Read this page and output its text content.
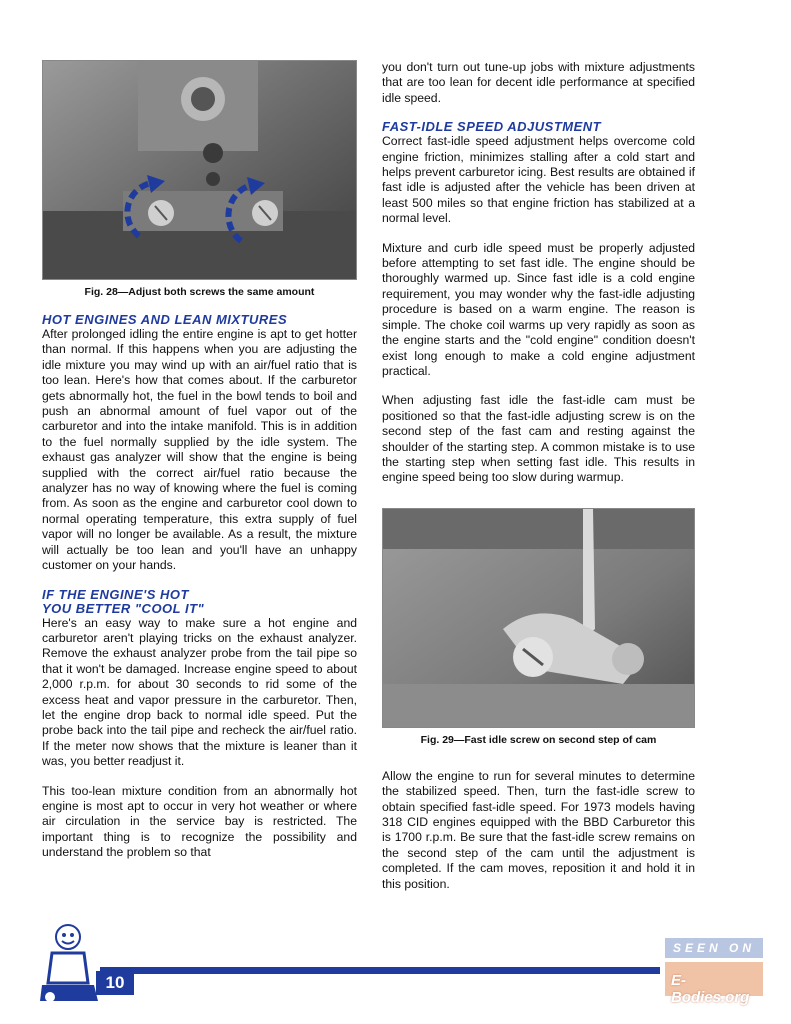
Fig. 28—Adjust both screws the same amount

HOT ENGINES AND LEAN MIXTURES

After prolonged idling the entire engine is apt to get hotter than normal. If this happens when you are adjusting the idle mixture you may wind up with an air/fuel ratio that is too lean. Here's how that comes about. If the carburetor gets abnormally hot, the fuel in the bowl tends to boil and push an abnormal amount of fuel vapor out of the carburetor and into the intake manifold. This is in addition to the fuel normally supplied by the idle system. The exhaust gas analyzer will show that the engine is being supplied with the correct air/fuel ratio because the analyzer has no way of knowing where the fuel is coming from. As soon as the engine and carburetor cool down to normal operating temperature, this extra supply of fuel vapor will no longer be available. As a result, the mixture will actually be too lean and you'll have an unhappy customer on your hands.

IF THE ENGINE'S HOT
YOU BETTER "COOL IT"

Here's an easy way to make sure a hot engine and carburetor aren't playing tricks on the exhaust analyzer. Remove the exhaust analyzer probe from the tail pipe so that it won't be damaged. Increase engine speed to about 2,000 r.p.m. for about 30 seconds to rid some of the excess heat and vapor pressure in the carburetor. Then, let the engine drop back to normal idle speed. Put the probe back into the tail pipe and recheck the air/fuel ratio. If the meter now shows that the mixture is leaner than it was, you better readjust it.

This too-lean mixture condition from an abnormally hot engine is most apt to occur in very hot weather or where air circulation in the service bay is restricted. The important thing is to recognize the possibility and understand the problem so that

you don't turn out tune-up jobs with mixture adjustments that are too lean for decent idle performance at specified idle speed.

FAST-IDLE SPEED ADJUSTMENT

Correct fast-idle speed adjustment helps overcome cold engine friction, minimizes stalling after a cold start and helps prevent carburetor icing. Best results are obtained if fast idle is adjusted after the vehicle has been driven at least 500 miles so that engine friction has stabilized at a normal level.

Mixture and curb idle speed must be properly adjusted before attempting to set fast idle. The engine should be thoroughly warmed up. Since fast idle is a cold engine requirement, you may wonder why the fast-idle adjusting procedure is based on a warm engine. The reason is simple. The choke coil warms up very rapidly as soon as the engine starts and the "cold engine" condition doesn't exist long enough to make a cold engine adjustment practical.

When adjusting fast idle the fast-idle cam must be positioned so that the fast-idle adjusting screw is on the second step of the fast cam and resting against the shoulder of the starting step. A common mistake is to use the starting step when setting fast idle. This results in engine speed being too slow during warmup.

Fig. 29—Fast idle screw on second step of cam

Allow the engine to run for several minutes to determine the stabilized speed. Then, turn the fast-idle screw to obtain specified fast-idle speed. For 1973 models having 318 CID engines equipped with the BBD Carburetor this is 1700 r.p.m. Be sure that the fast-idle screw remains on the second step of the cam until the adjustment is completed. If the cam moves, reposition it and hold it in this position.

10
SEEN ON
E-Bodies.org
